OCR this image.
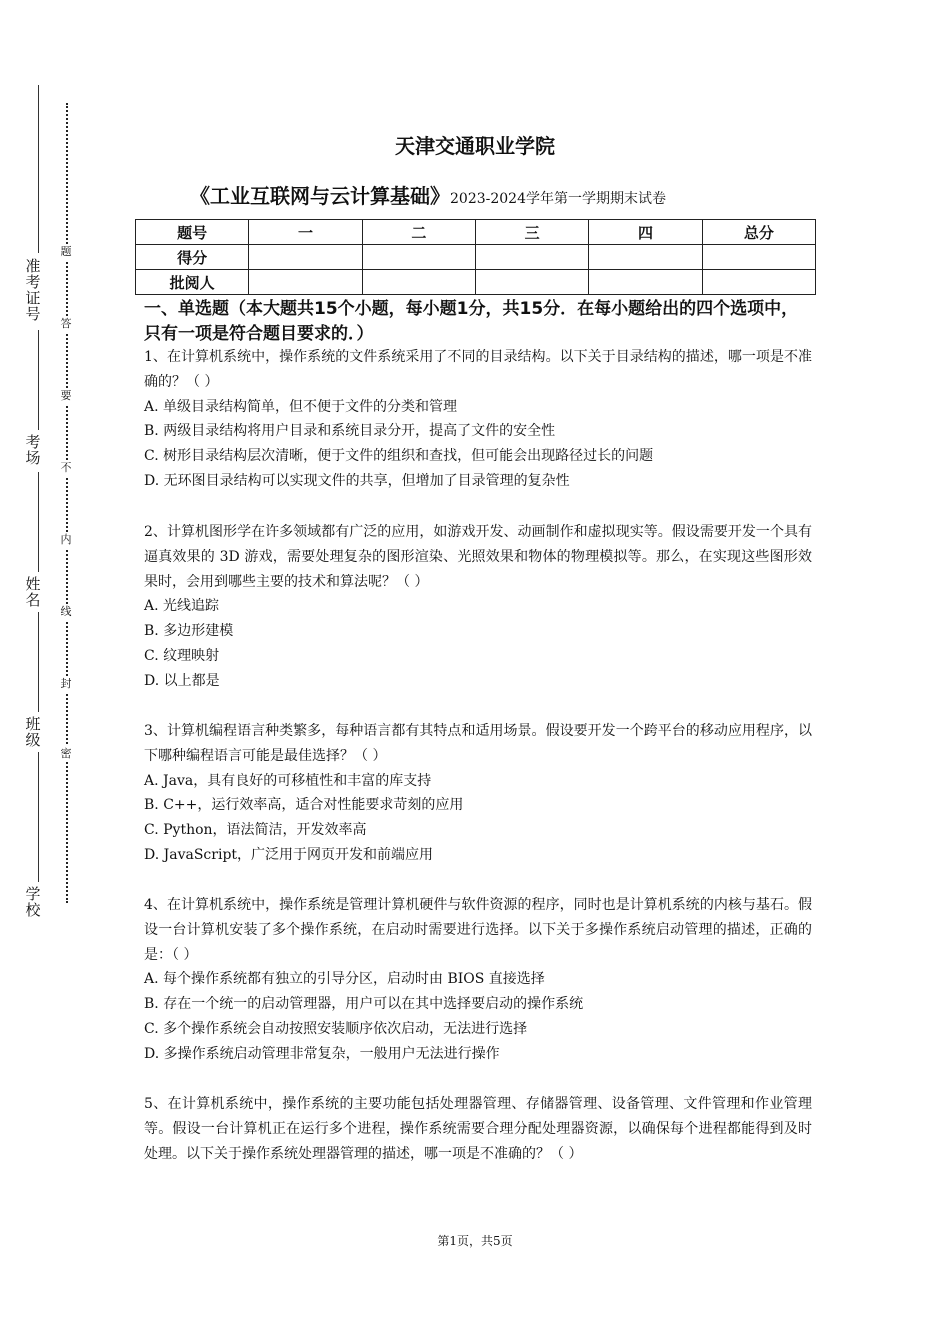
准考证号
考场
姓名
班级
学校
题
答
要
不
内
线
封
密
天津交通职业学院
《工业互联网与云计算基础》2023-2024学年第一学期期末试卷
题号	一	二	三	四	总分
得分					
批阅人					
一、单选题（本大题共15个小题，每小题1分，共15分．在每小题给出的四个选项中，只有一项是符合题目要求的．）
1、在计算机系统中，操作系统的文件系统采用了不同的目录结构。以下关于目录结构的描述，哪一项是不准确的？（ ）
A. 单级目录结构简单，但不便于文件的分类和管理
B. 两级目录结构将用户目录和系统目录分开，提高了文件的安全性
C. 树形目录结构层次清晰，便于文件的组织和查找，但可能会出现路径过长的问题
D. 无环图目录结构可以实现文件的共享，但增加了目录管理的复杂性
2、计算机图形学在许多领域都有广泛的应用，如游戏开发、动画制作和虚拟现实等。假设需要开发一个具有逼真效果的 3D 游戏，需要处理复杂的图形渲染、光照效果和物体的物理模拟等。那么，在实现这些图形效果时，会用到哪些主要的技术和算法呢？（ ）
A. 光线追踪
B. 多边形建模
C. 纹理映射
D. 以上都是
3、计算机编程语言种类繁多，每种语言都有其特点和适用场景。假设要开发一个跨平台的移动应用程序，以下哪种编程语言可能是最佳选择？（ ）
A. Java，具有良好的可移植性和丰富的库支持
B. C++，运行效率高，适合对性能要求苛刻的应用
C. Python，语法简洁，开发效率高
D. JavaScript，广泛用于网页开发和前端应用
4、在计算机系统中，操作系统是管理计算机硬件与软件资源的程序，同时也是计算机系统的内核与基石。假设一台计算机安装了多个操作系统，在启动时需要进行选择。以下关于多操作系统启动管理的描述，正确的是：（ ）
A. 每个操作系统都有独立的引导分区，启动时由 BIOS 直接选择
B. 存在一个统一的启动管理器，用户可以在其中选择要启动的操作系统
C. 多个操作系统会自动按照安装顺序依次启动，无法进行选择
D. 多操作系统启动管理非常复杂，一般用户无法进行操作
5、在计算机系统中，操作系统的主要功能包括处理器管理、存储器管理、设备管理、文件管理和作业管理等。假设一台计算机正在运行多个进程，操作系统需要合理分配处理器资源，以确保每个进程都能得到及时处理。以下关于操作系统处理器管理的描述，哪一项是不准确的？（ ）
第1页，共5页
